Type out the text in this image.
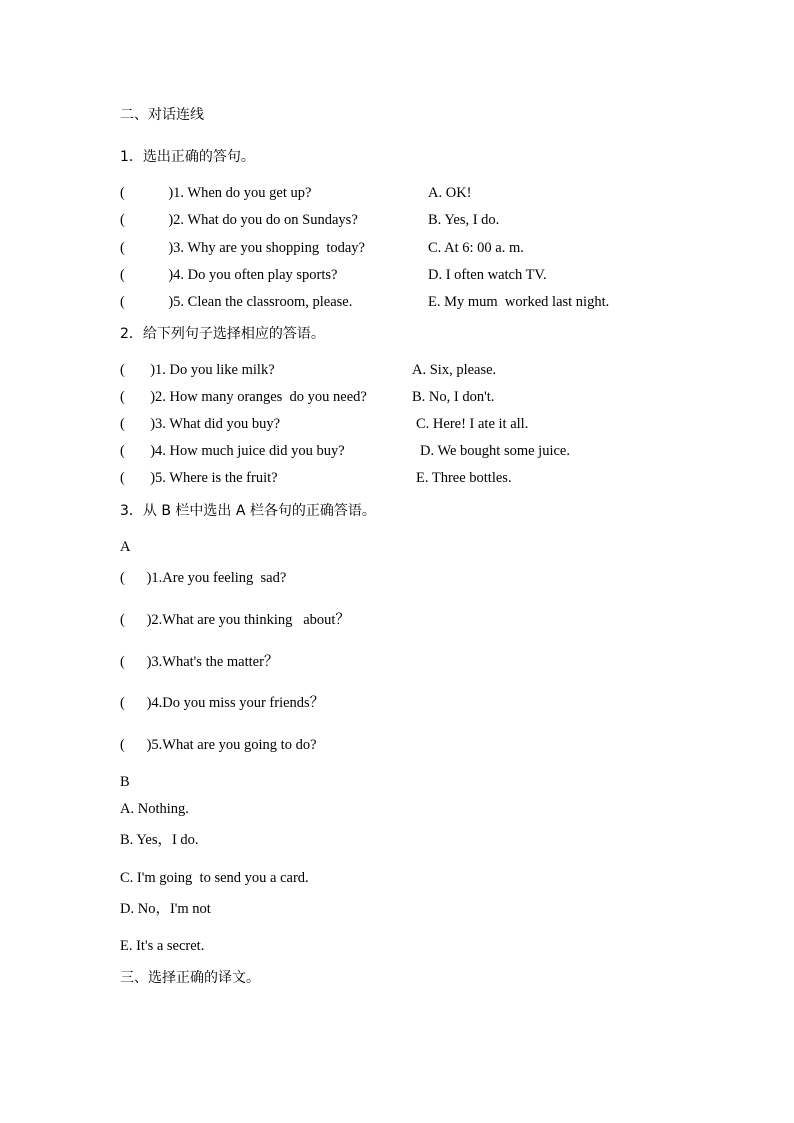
二、对话连线
1．选出正确的答句。
(            )1. When do you get up?	A. OK!
(            )2. What do you do on Sundays?	B. Yes, I do.
(            )3. Why are you shopping  today?	C. At 6: 00 a. m.
(            )4. Do you often play sports?	D. I often watch TV.
(            )5. Clean the classroom, please.	E. My mum  worked last night.
2．给下列句子选择相应的答语。
(       )1. Do you like milk?	A. Six, please.
(       )2. How many oranges  do you need?	B. No, I don't.
(       )3. What did you buy?	C. Here! I ate it all.
(       )4. How much juice did you buy?	D. We bought some juice.
(       )5. Where is the fruit?	E. Three bottles.
3．从 B 栏中选出 A 栏各句的正确答语。
A
(      )1.Are you feeling  sad?
(      )2.What are you thinking   about？
(      )3.What's the matter？
(      )4.Do you miss your friends？
(      )5.What are you going to do?
B
A. Nothing.
B. Yes，I do.
C. I'm going  to send you a card.
D. No，I'm not
E. It's a secret.
三、选择正确的译文。
